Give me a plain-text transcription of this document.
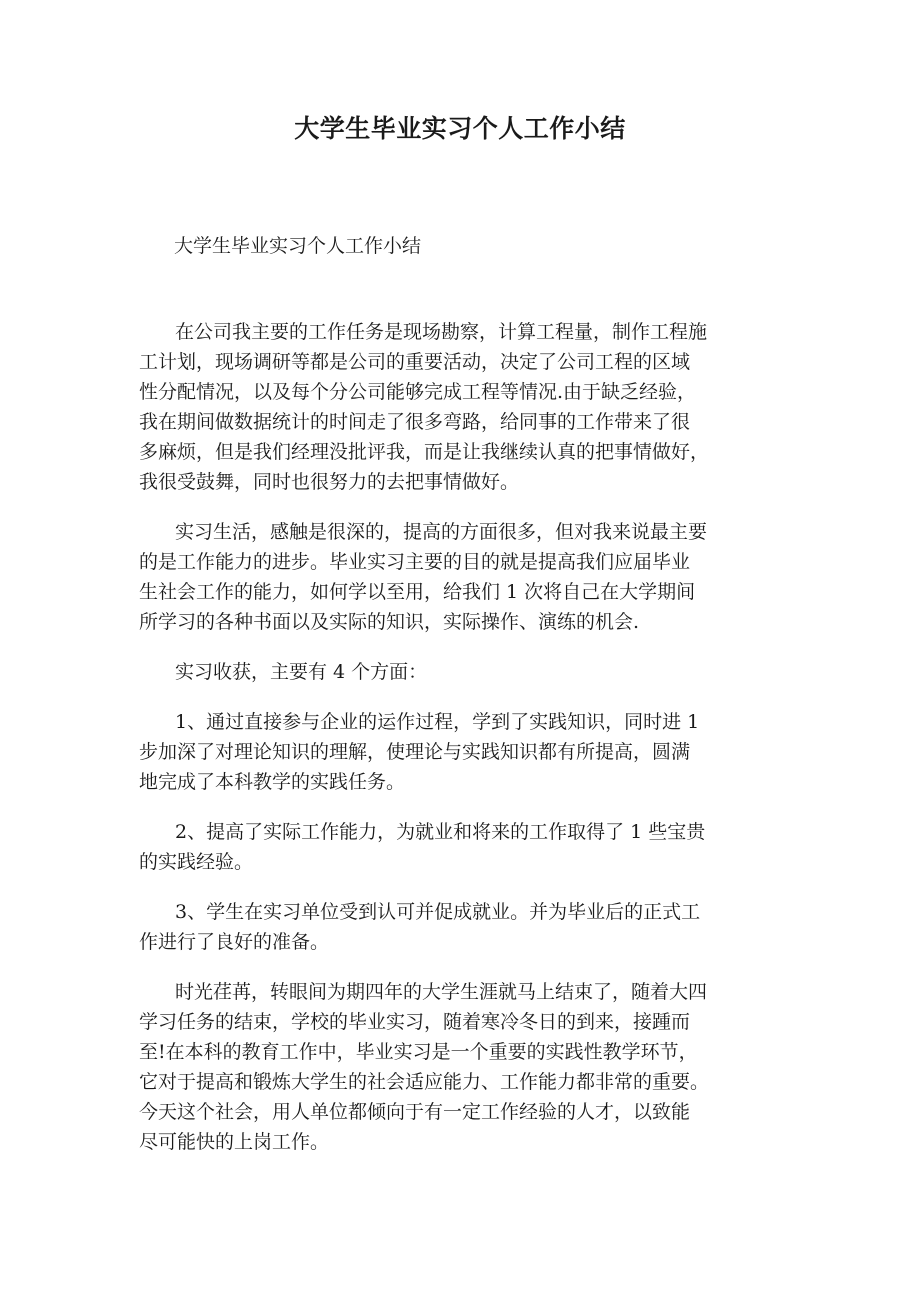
大学生毕业实习个人工作小结

大学生毕业实习个人工作小结

在公司我主要的工作任务是现场勘察，计算工程量，制作工程施
工计划，现场调研等都是公司的重要活动，决定了公司工程的区域
性分配情况，以及每个分公司能够完成工程等情况.由于缺乏经验，
我在期间做数据统计的时间走了很多弯路，给同事的工作带来了很
多麻烦，但是我们经理没批评我，而是让我继续认真的把事情做好，
我很受鼓舞，同时也很努力的去把事情做好。
实习生活，感触是很深的，提高的方面很多，但对我来说最主要
的是工作能力的进步。毕业实习主要的目的就是提高我们应届毕业
生社会工作的能力，如何学以至用，给我们 1 次将自己在大学期间
所学习的各种书面以及实际的知识，实际操作、演练的机会.
实习收获，主要有 4 个方面：
1、通过直接参与企业的运作过程，学到了实践知识，同时进 1
步加深了对理论知识的理解，使理论与实践知识都有所提高，圆满
地完成了本科教学的实践任务。
2、提高了实际工作能力，为就业和将来的工作取得了 1 些宝贵
的实践经验。
3、学生在实习单位受到认可并促成就业。并为毕业后的正式工
作进行了良好的准备。
时光荏苒，转眼间为期四年的大学生涯就马上结束了，随着大四
学习任务的结束，学校的毕业实习，随着寒冷冬日的到来，接踵而
至!在本科的教育工作中，毕业实习是一个重要的实践性教学环节，
它对于提高和锻炼大学生的社会适应能力、工作能力都非常的重要。
今天这个社会，用人单位都倾向于有一定工作经验的人才，以致能
尽可能快的上岗工作。
